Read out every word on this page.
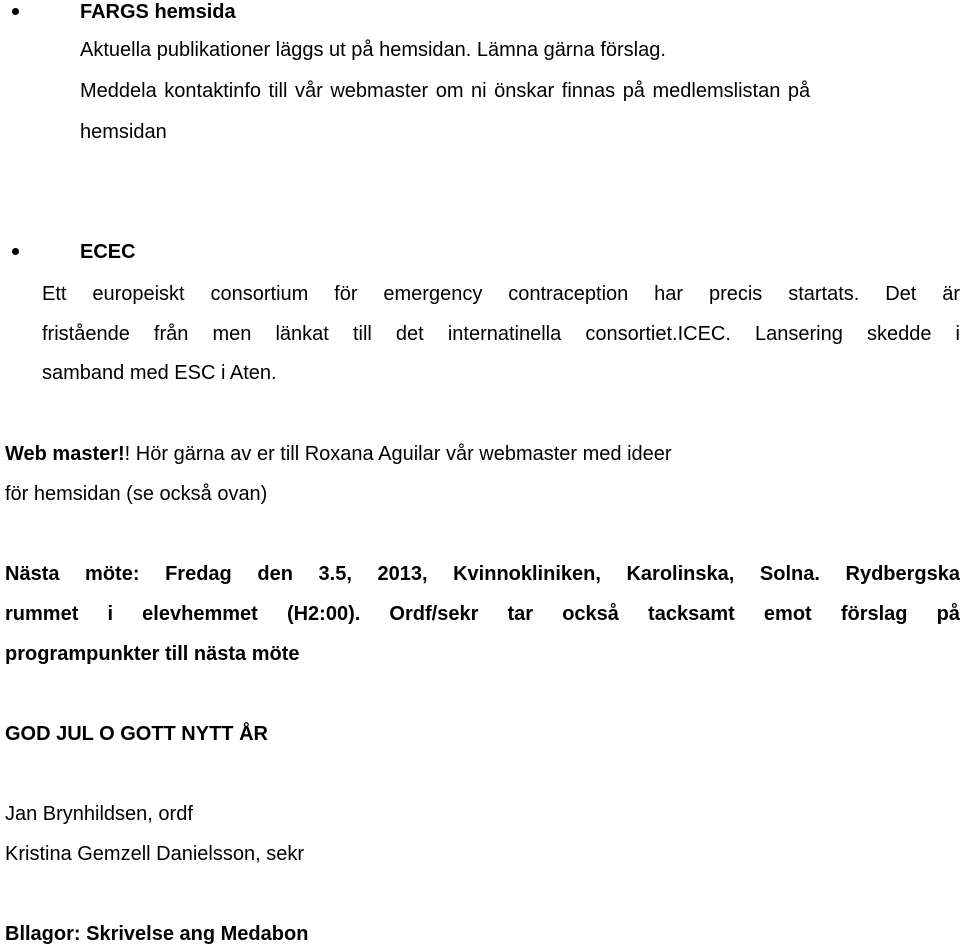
FARGS hemsida
Aktuella publikationer läggs ut på hemsidan. Lämna gärna förslag.
Meddela kontaktinfo till vår webmaster om ni önskar finnas på medlemslistan på
hemsidan
ECEC
Ett europeiskt consortium för emergency contraception har precis startats. Det är
fristående från men länkat till det internatinella consortiet.ICEC. Lansering skedde i
samband med ESC i Aten.
Web master!! Hör gärna av er till Roxana Aguilar vår webmaster med ideer
för hemsidan (se också ovan)
Nästa möte: Fredag den 3.5, 2013, Kvinnokliniken, Karolinska, Solna. Rydbergska
rummet i elevhemmet (H2:00). Ordf/sekr tar också tacksamt emot förslag på
programpunkter till nästa möte
GOD JUL O GOTT NYTT ÅR
Jan Brynhildsen, ordf
Kristina Gemzell Danielsson, sekr
Bllagor: Skrivelse ang Medabon
